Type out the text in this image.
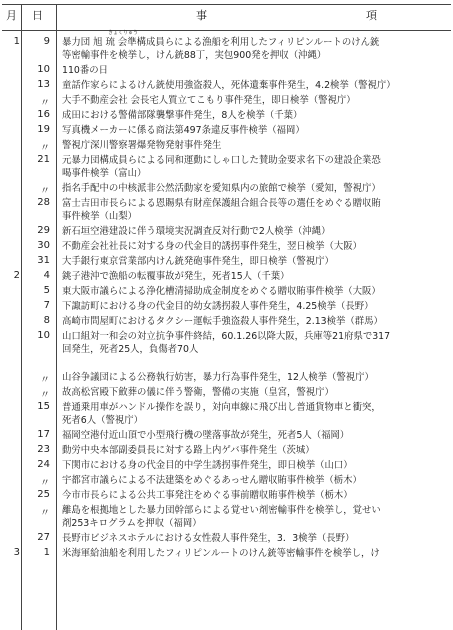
月 日	事	項
1	9 暴力団 旭 琉 会準構成員らによる漁船を利用したフィリピンルートのけん銃
等密輸事件を検挙し，けん銃88丁，実包900発を押収（沖縄）
きょくりゅう
10 110番の日
13 童話作家らによるけん銃使用強盗殺人，死体遺棄事件発生，4.2検挙（警視庁）
〃 大手不動産会社 会長宅人質立てこもり事件発生，即日検挙（警視庁）
16 成田における警備部隊襲撃事件発生，8人を検挙（千葉）
19 写真機メーカーに係る商法第497条違反事件検挙（福岡）
〃 警視庁深川警察署爆発物発射事件発生
21 元暴力団構成員らによる同和運動にしゃ口した賛助金要求名下の建設企業恐
喝事件検挙（富山）
〃 指名手配中の中核派非公然活動家を愛知県内の旅館で検挙（愛知，警視庁）
28 富士吉田市長らによる恩賜県有財産保護組合組合長等の選任をめぐる贈収賄
事件検挙（山梨）
29 新石垣空港建設に伴う環境実況調査反対行動で2人検挙（沖縄）
30 不動産会社社長に対する身の代金目的誘拐事件発生，翌日検挙（大阪）
31 大手銀行東京営業部内けん銃発砲事件発生，即日検挙（警視庁）
2	4 銚子港沖で漁船の転覆事故が発生，死者15人（千葉）
5 東大阪市議らによる浄化槽清掃助成金制度をめぐる贈収賄事件検挙（大阪）
7 下諏訪町における身の代金目的幼女誘拐殺人事件発生，4.25検挙（長野）
8 高崎市問屋町におけるタクシー運転手強盗殺人事件発生，2.13検挙（群馬）
10 山口組対一和会の対立抗争事件終結，60.1.26以降大阪，兵庫等21府県で317
回発生，死者25人，負傷者70人
〃 山谷争議団による公務執行妨害，暴力行為事件発生，12人検挙（警視庁）
〃 故高松宮殿下斂葬の儀に伴う警衛，警備の実施（皇宮，警視庁）
15 普通乗用車がハンドル操作を誤り，対向車線に飛び出し普通貨物車と衝突，
死者6人（警視庁）
17 福岡空港付近山頂で小型飛行機の墜落事故が発生，死者5人（福岡）
23 動労中央本部副委員長に対する路上内ゲバ事件発生（茨城）
24 下関市における身の代金目的中学生誘拐事件発生，即日検挙（山口）
〃 宇都宮市議らによる不法建築をめぐるあっせん贈収賄事件検挙（栃木）
25 今市市長らによる公共工事発注をめぐる事前贈収賄事件検挙（栃木）
〃 離島を根拠地とした暴力団幹部らによる覚せい剤密輸事件を検挙し，覚せい
剤253キログラムを押収（福岡）
27 長野市ビジネスホテルにおける女性殺人事件発生，3．3検挙（長野）
3	1 米海軍給油船を利用したフィリピンルートのけん銃等密輸事件を検挙し，け
